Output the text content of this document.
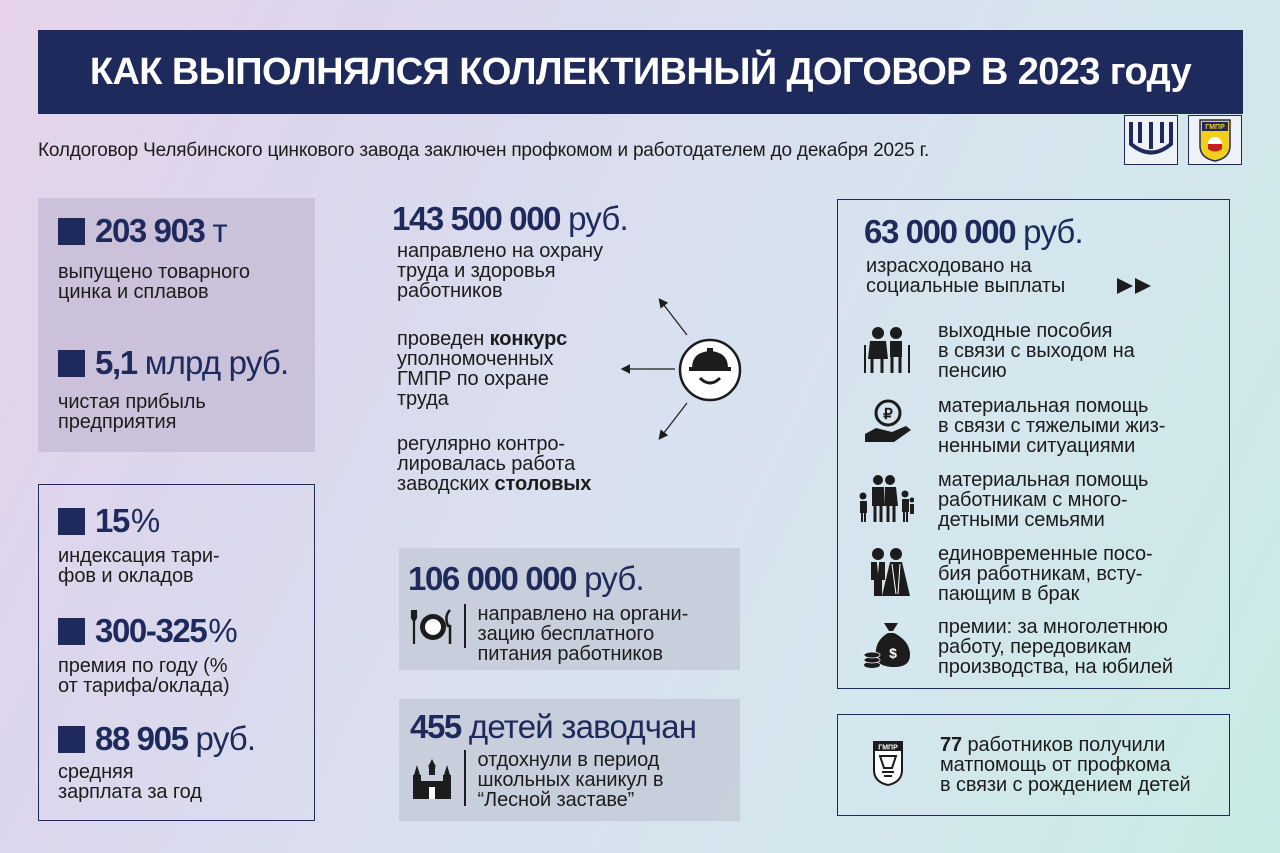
КАК ВЫПОЛНЯЛСЯ КОЛЛЕКТИВНЫЙ ДОГОВОР В 2023 году
Колдоговор Челябинского цинкового завода заключен профкомом и работодателем до декабря 2025 г.
ГМПР
203 903 т
выпущено товарного
цинка и сплавов
5,1 млрд руб.
чистая прибыль
предприятия
15 %
индексация тари-
фов и окладов
300-325 %
премия по году (%
от тарифа/оклада)
88 905 руб.
средняя
зарплата за год
143 500 000 руб.
направлено на охрану
труда и здоровья
работников
проведен конкурс
уполномоченных
ГМПР по охране
труда
регулярно контро-
лировалась работа
заводских столовых
106 000 000 руб.
направлено на органи-
зацию бесплатного
питания работников
455 детей заводчан
отдохнули в период
школьных каникул в
“Лесной заставе”
63 000 000 руб.
израсходовано на
социальные выплаты
выходные пособия
в связи с выходом на
пенсию
₽ материальная помощь
в связи с тяжелыми жиз-
ненными ситуациями
материальная помощь
работникам с много-
детными семьями
единовременные посо-
бия работникам, всту-
пающим в брак
$
премии: за многолетнюю
работу, передовикам
производства, на юбилей
ГМПР 77 работников получили
матпомощь от профкома
в связи с рождением детей
